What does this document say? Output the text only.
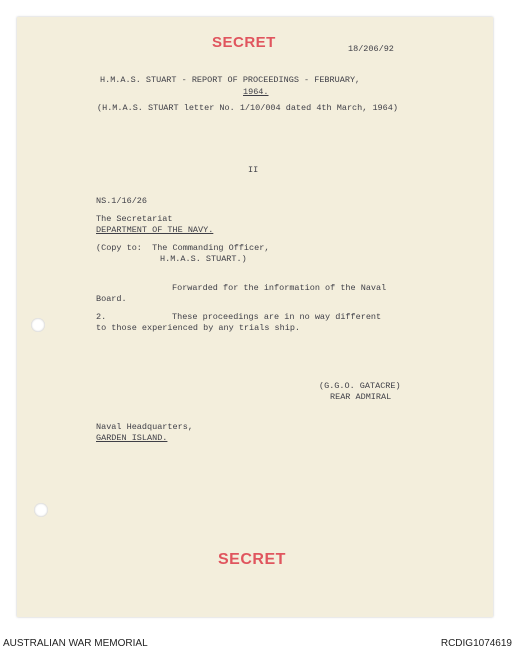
SECRET	18/206/92
H.M.A.S. STUART - REPORT OF PROCEEDINGS - FEBRUARY,
1964.
(H.M.A.S. STUART letter No. 1/10/004 dated 4th March, 1964)
II
NS.1/16/26
The Secretariat
DEPARTMENT OF THE NAVY.
(Copy to:  The Commanding Officer,
H.M.A.S. STUART.)
Forwarded for the information of the Naval
Board.
2.	These proceedings are in no way different
to those experienced by any trials ship.
(G.G.O. GATACRE)
REAR ADMIRAL
Naval Headquarters,
GARDEN ISLAND.
SECRET
AUSTRALIAN WAR MEMORIAL	RCDIG1074619
